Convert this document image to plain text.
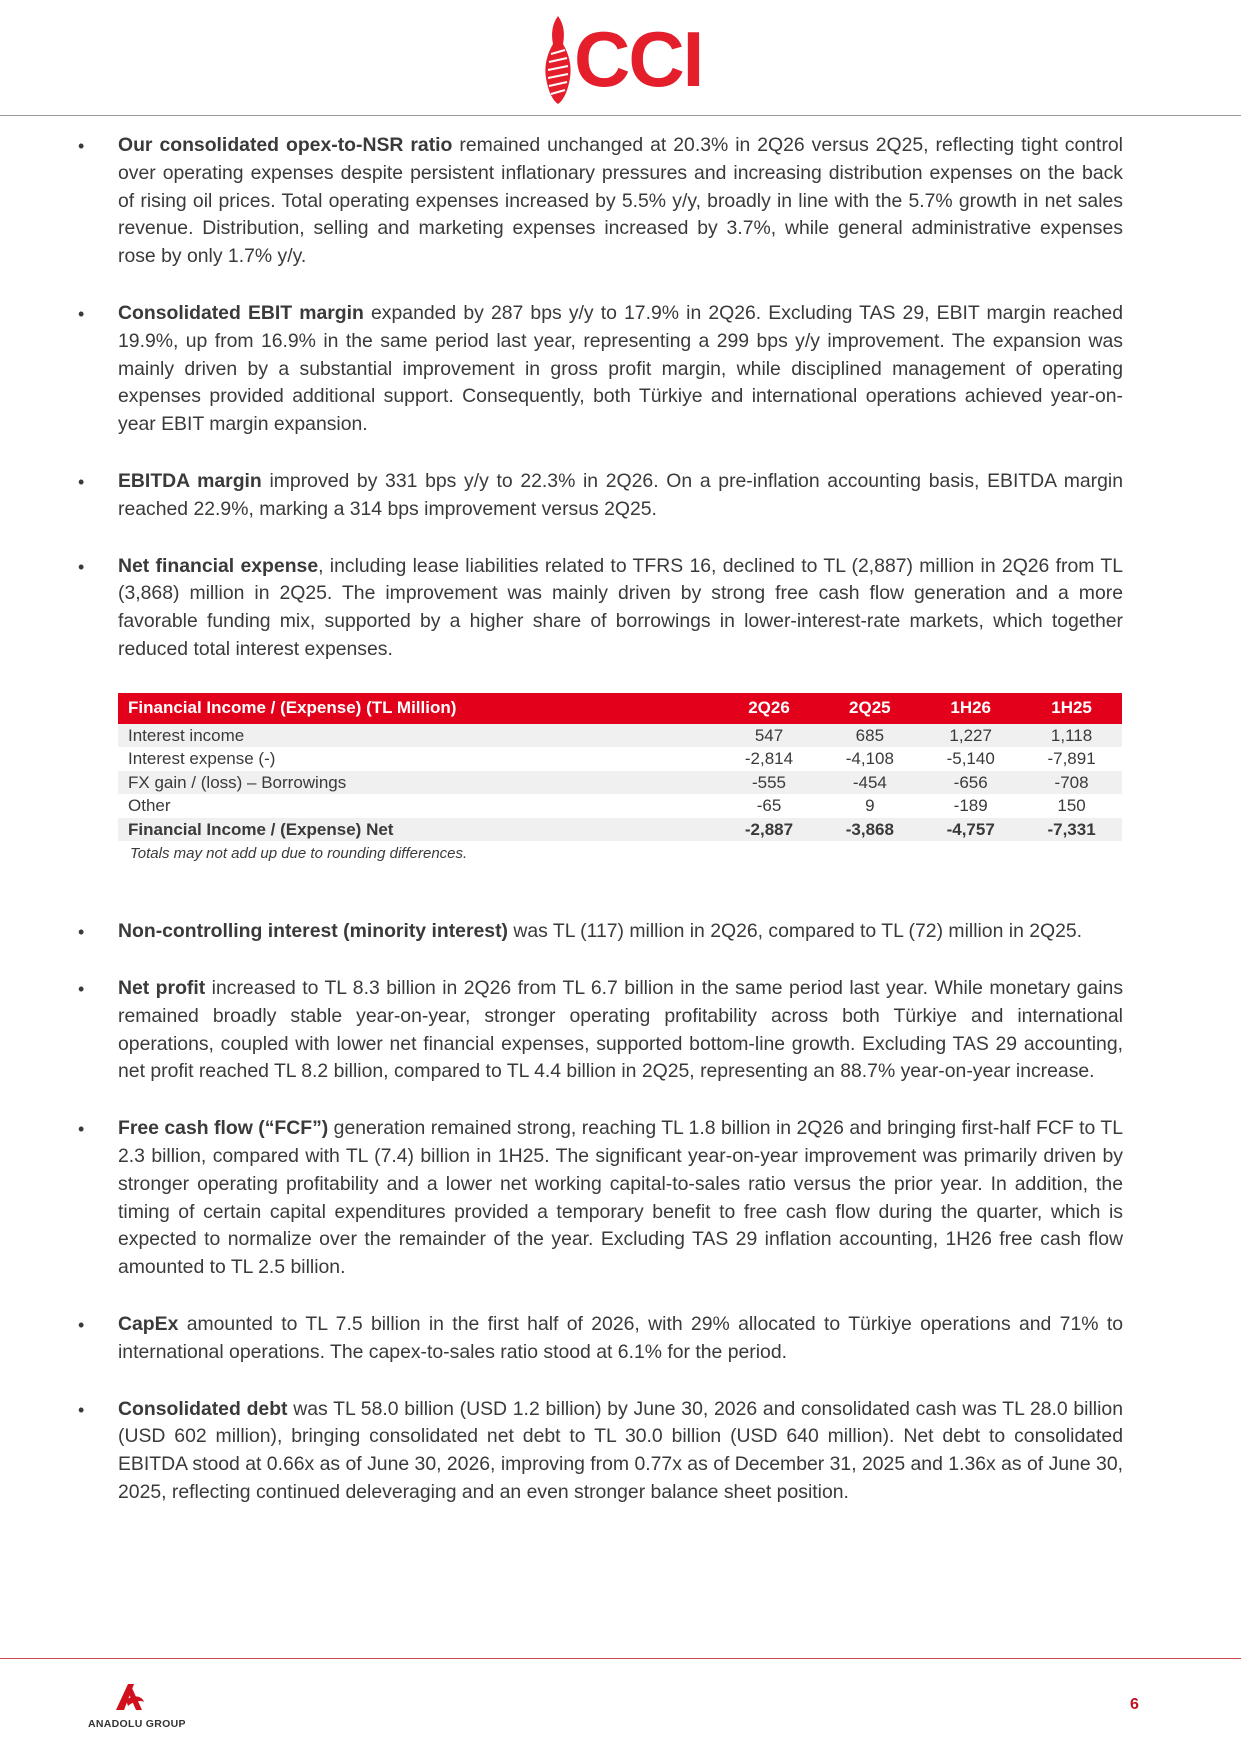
CCI
•	Our consolidated opex-to-NSR ratio remained unchanged at 20.3% in 2Q26 versus 2Q25, reflecting tight control over operating expenses despite persistent inflationary pressures and increasing distribution expenses on the back of rising oil prices. Total operating expenses increased by 5.5% y/y, broadly in line with the 5.7% growth in net sales revenue. Distribution, selling and marketing expenses increased by 3.7%, while general administrative expenses rose by only 1.7% y/y.
•	Consolidated EBIT margin expanded by 287 bps y/y to 17.9% in 2Q26. Excluding TAS 29, EBIT margin reached 19.9%, up from 16.9% in the same period last year, representing a 299 bps y/y improvement. The expansion was mainly driven by a substantial improvement in gross profit margin, while disciplined management of operating expenses provided additional support. Consequently, both Türkiye and international operations achieved year-on-year EBIT margin expansion.
•	EBITDA margin improved by 331 bps y/y to 22.3% in 2Q26. On a pre-inflation accounting basis, EBITDA margin reached 22.9%, marking a 314 bps improvement versus 2Q25.
•	Net financial expense, including lease liabilities related to TFRS 16, declined to TL (2,887) million in 2Q26 from TL (3,868) million in 2Q25. The improvement was mainly driven by strong free cash flow generation and a more favorable funding mix, supported by a higher share of borrowings in lower-interest-rate markets, which together reduced total interest expenses.
Financial Income / (Expense) (TL Million)	2Q26	2Q25	1H26	1H25
Interest income	547	685	1,227	1,118
Interest expense (-)	-2,814	-4,108	-5,140	-7,891
FX gain / (loss) – Borrowings	-555	-454	-656	-708
Other	-65	9	-189	150
Financial Income / (Expense) Net	-2,887	-3,868	-4,757	-7,331
Totals may not add up due to rounding differences.
•	Non-controlling interest (minority interest) was TL (117) million in 2Q26, compared to TL (72) million in 2Q25.
•	Net profit increased to TL 8.3 billion in 2Q26 from TL 6.7 billion in the same period last year. While monetary gains remained broadly stable year-on-year, stronger operating profitability across both Türkiye and international operations, coupled with lower net financial expenses, supported bottom-line growth. Excluding TAS 29 accounting, net profit reached TL 8.2 billion, compared to TL 4.4 billion in 2Q25, representing an 88.7% year-on-year increase.
•	Free cash flow (“FCF”) generation remained strong, reaching TL 1.8 billion in 2Q26 and bringing first-half FCF to TL 2.3 billion, compared with TL (7.4) billion in 1H25. The significant year-on-year improvement was primarily driven by stronger operating profitability and a lower net working capital-to-sales ratio versus the prior year. In addition, the timing of certain capital expenditures provided a temporary benefit to free cash flow during the quarter, which is expected to normalize over the remainder of the year. Excluding TAS 29 inflation accounting, 1H26 free cash flow amounted to TL 2.5 billion.
•	CapEx amounted to TL 7.5 billion in the first half of 2026, with 29% allocated to Türkiye operations and 71% to international operations. The capex-to-sales ratio stood at 6.1% for the period.
•	Consolidated debt was TL 58.0 billion (USD 1.2 billion) by June 30, 2026 and consolidated cash was TL 28.0 billion (USD 602 million), bringing consolidated net debt to TL 30.0 billion (USD 640 million). Net debt to consolidated EBITDA stood at 0.66x as of June 30, 2026, improving from 0.77x as of December 31, 2025 and 1.36x as of June 30, 2025, reflecting continued deleveraging and an even stronger balance sheet position.
ANADOLU GROUP
6
